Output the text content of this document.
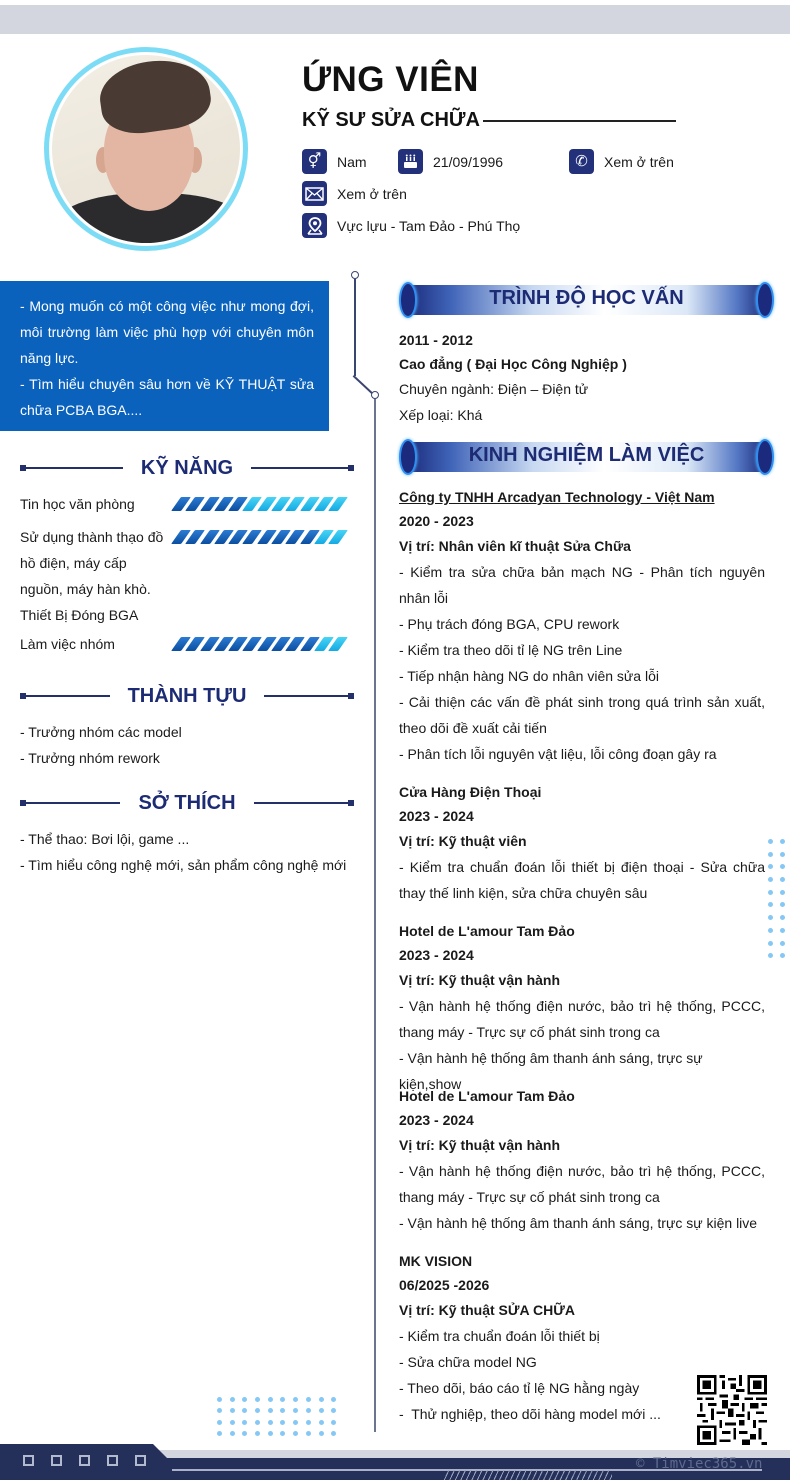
ỨNG VIÊN
KỸ SƯ SỬA CHỮA
⚥	Nam	21/09/1996	✆	Xem ở trên
Xem ở trên
Vực lựu - Tam Đảo - Phú Thọ
- Mong muốn có một công việc như mong đợi, môi trường làm việc phù hợp với chuyên môn năng lực.
- Tìm hiểu chuyên sâu hơn về KỸ THUẬT sửa chữa PCBA BGA....
KỸ NĂNG
Tin học văn phòng
Sử dụng thành thạo đồ hồ điện, máy cấp nguồn, máy hàn khò. Thiết Bị Đóng BGA
Làm việc nhóm
THÀNH TỰU
- Trưởng nhóm các model
- Trưởng nhóm rework
SỞ THÍCH
- Thể thao: Bơi lội, game ...
- Tìm hiểu công nghệ mới, sản phẩm công nghệ mới
TRÌNH ĐỘ HỌC VẤN
2011 - 2012
Cao đẳng ( Đại Học Công Nghiệp )
Chuyên ngành: Điện – Điện tử
Xếp loại: Khá
KINH NGHIỆM LÀM VIỆC
Công ty TNHH Arcadyan Technology - Việt Nam
2020 - 2023
Vị trí: Nhân viên kĩ thuật Sửa Chữa
- Kiểm tra sửa chữa bản mạch NG - Phân tích nguyên nhân lỗi
- Phụ trách đóng BGA, CPU rework
- Kiểm tra theo dõi tỉ lệ NG trên Line
- Tiếp nhận hàng NG do nhân viên sửa lỗi
- Cải thiện các vấn đề phát sinh trong quá trình sản xuất, theo dõi đề xuất cải tiến
- Phân tích lỗi nguyên vật liệu, lỗi công đoạn gây ra
Cửa Hàng Điện Thoại
2023 - 2024
Vị trí: Kỹ thuật viên
- Kiểm tra chuẩn đoán lỗi thiết bị điện thoại - Sửa chữa thay thế linh kiện, sửa chữa chuyên sâu
Hotel de L'amour Tam Đảo
2023 - 2024
Vị trí: Kỹ thuật vận hành
- Vận hành hệ thống điện nước, bảo trì hệ thống, PCCC, thang máy - Trực sự cố phát sinh trong ca
- Vận hành hệ thống âm thanh ánh sáng, trực sự kiện,show
Hotel de L'amour Tam Đảo
2023 - 2024
Vị trí: Kỹ thuật vận hành
- Vận hành hệ thống điện nước, bảo trì hệ thống, PCCC, thang máy - Trực sự cố phát sinh trong ca
- Vận hành hệ thống âm thanh ánh sáng, trực sự kiện live
MK VISION
06/2025 -2026
Vị trí: Kỹ thuật SỬA CHỮA
- Kiểm tra chuẩn đoán lỗi thiết bị
- Sửa chữa model NG
- Theo dõi, báo cáo tỉ lệ NG hằng ngày
-  Thử nghiệp, theo dõi hàng model mới ...
© Timviec365.vn
